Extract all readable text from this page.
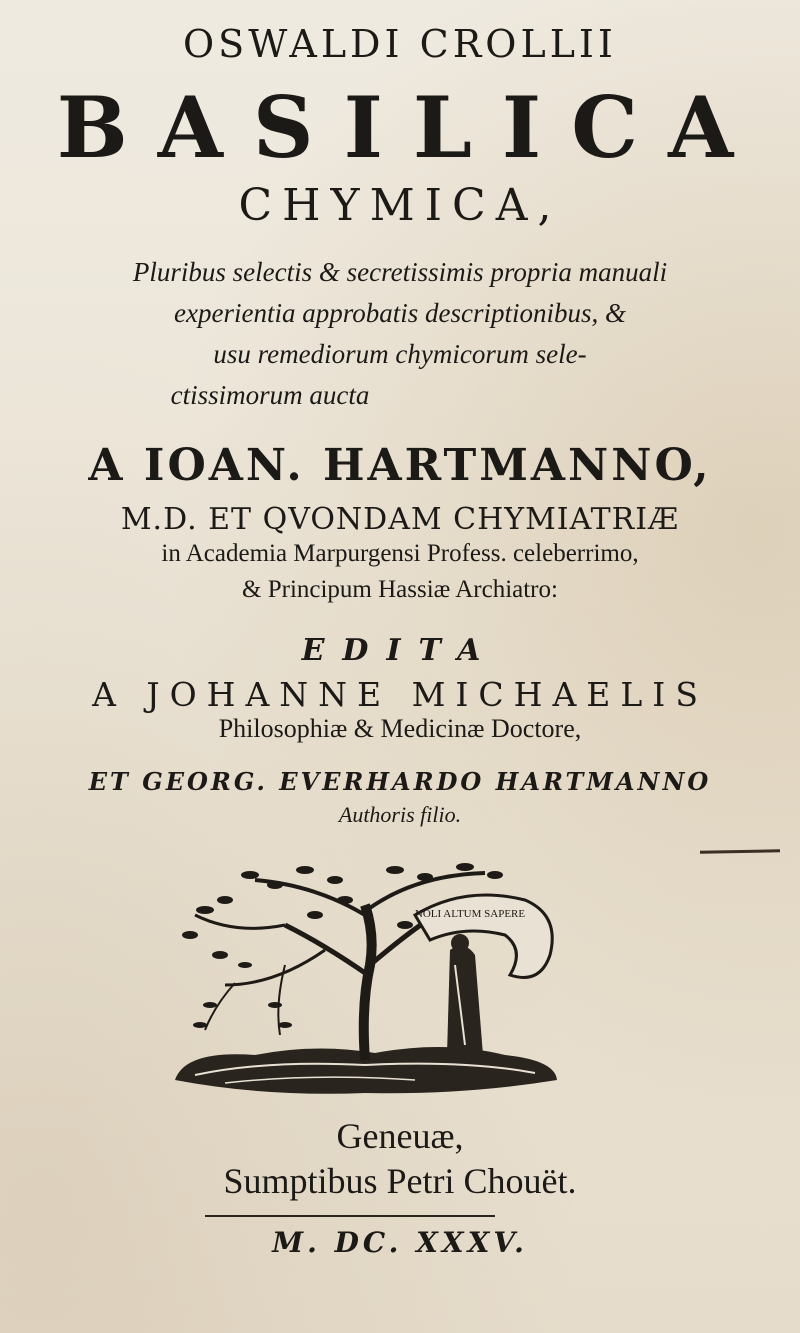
OSWALDI CROLLII

BASILICA

CHYMICA,

Pluribus selectis & secretissimis propria manuali

experientia approbatis descriptionibus, &

usu remediorum chymicorum sele-

ctissimorum aucta

A IOAN. HARTMANNO,

M.D. ET QVONDAM CHYMIATRIÆ

in Academia Marpurgensi Profess. celeberrimo,

& Principum Hassiæ Archiatro:

EDITA

A JOHANNE MICHAELIS

Philosophiæ & Medicinæ Doctore,

ET GEORG. EVERHARDO HARTMANNO

Authoris filio.

NOLI ALTUM SAPERE

Geneuæ,

Sumptibus Petri Chouët.

M. DC. XXXV.
